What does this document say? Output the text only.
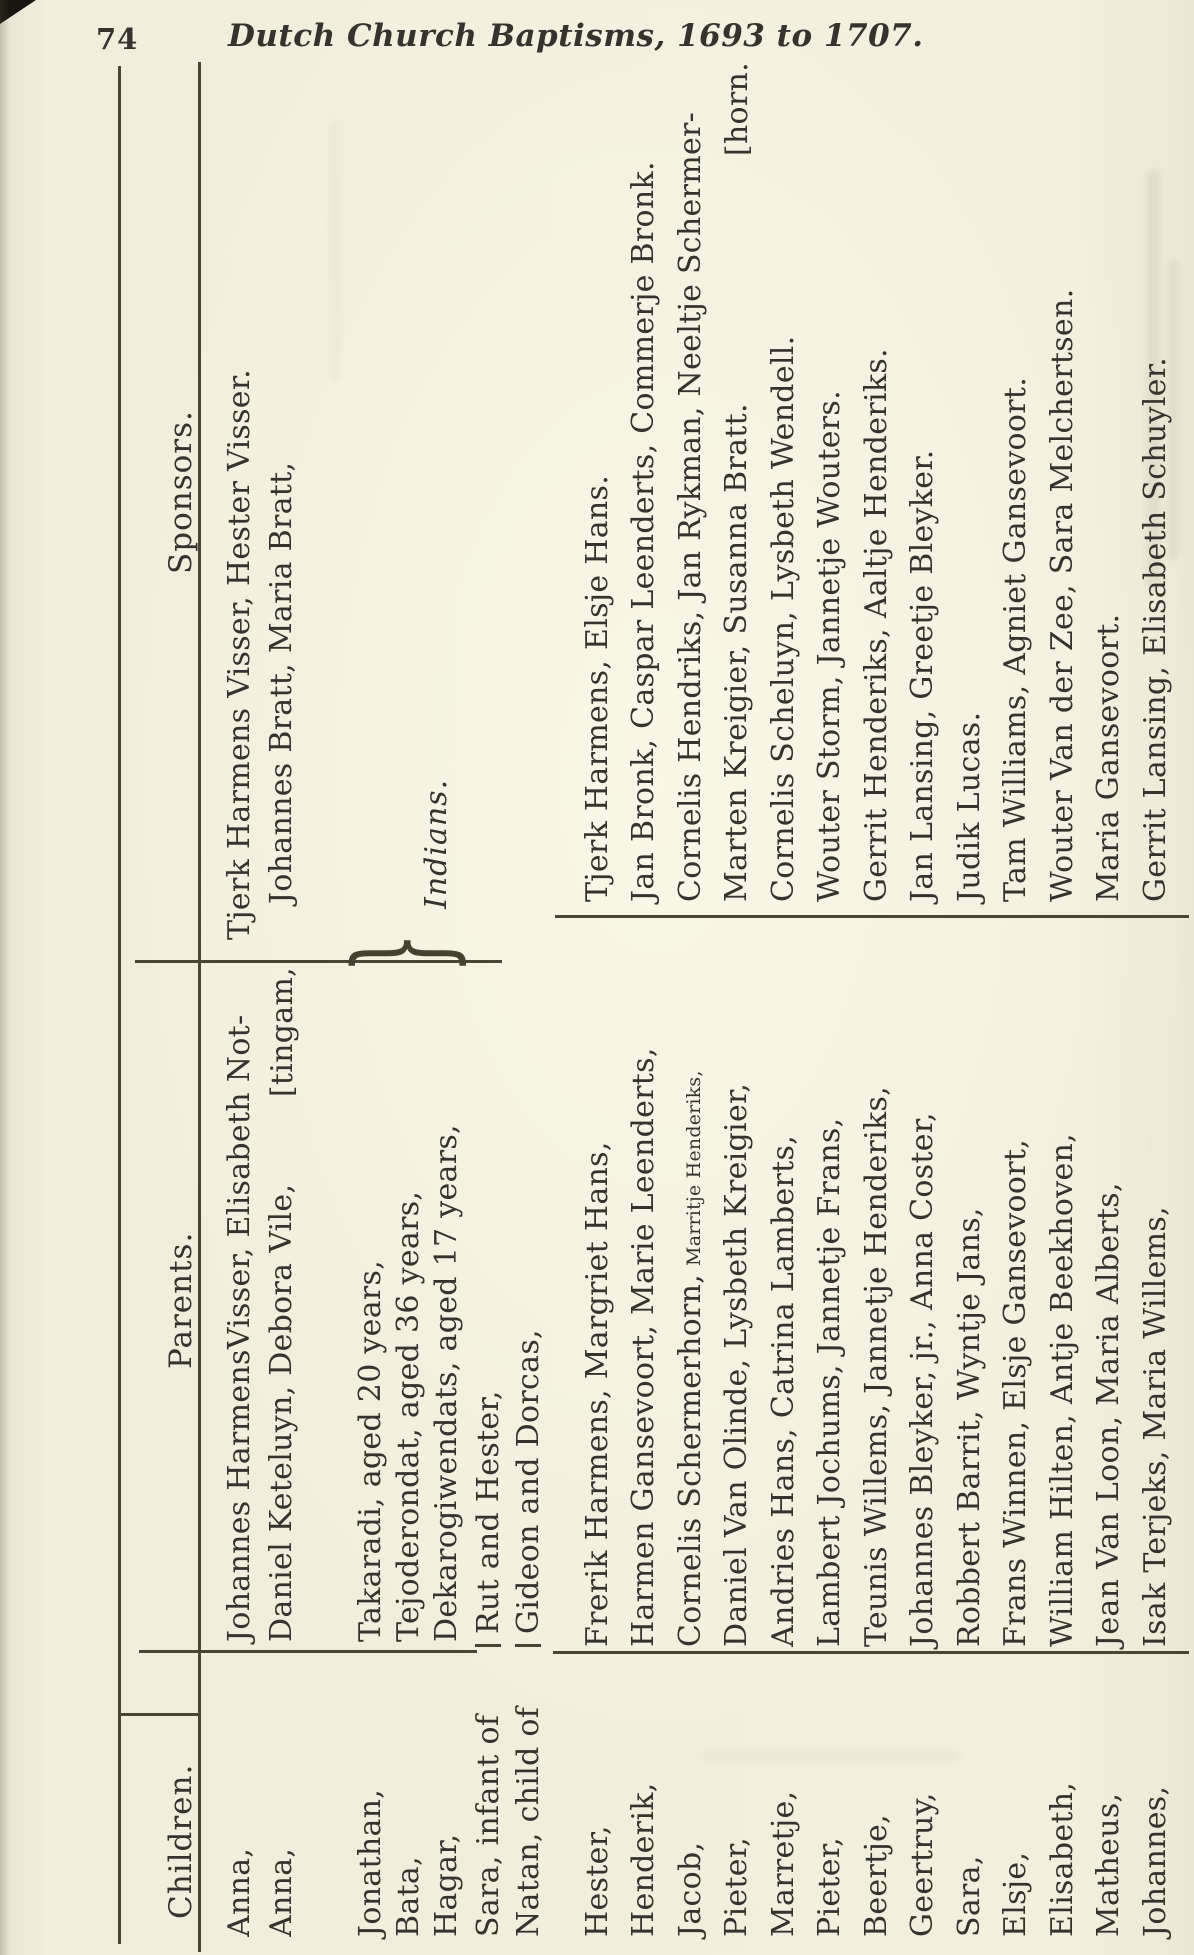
74	Dutch Church Baptisms, 1693 to 1707.
Children.
Parents.
Sponsors.
}
Indians.
Anna,
Johannes HarmensVisser, Elisabeth Not-
Tjerk Harmens Visser, Hester Visser.
Anna,
Daniel Keteluyn, Debora Vile,
[tingam,
Johannes Bratt, Maria Bratt,
Jonathan,
Takaradi, aged 20 years,
Bata,
Tejoderondat, aged 36 years,
Hagar,
Dekarogiwendats, aged 17 years,
Sara, infant of
Rut and Hester,
Natan, child of
Gideon and Dorcas,
Hester,
Frerik Harmens, Margriet Hans,
Tjerk Harmens, Elsje Hans.
Henderik,
Harmen Gansevoort, Marie Leenderts,
Jan Bronk, Caspar Leenderts, Commerje Bronk.
Jacob,
Cornelis Schermerhorn,Marritje Henderiks,
Cornelis Hendriks, Jan Rykman, Neeltje Schermer-
Pieter,
Daniel Van Olinde, Lysbeth Kreigier,
Marten Kreigier, Susanna Bratt.
[horn.
Marretje,
Andries Hans, Catrina Lamberts,
Cornelis Scheluyn, Lysbeth Wendell.
Pieter,
Lambert Jochums, Jannetje Frans,
Wouter Storm, Jannetje Wouters.
Beertje,
Teunis Willems, Jannetje Henderiks,
Gerrit Henderiks, Aaltje Henderiks.
Geertruy,
Johannes Bleyker, jr., Anna Coster,
Jan Lansing, Greetje Bleyker.
Sara,
Robbert Barrit, Wyntje Jans,
Judik Lucas.
Elsje,
Frans Winnen, Elsje Gansevoort,
Tam Williams, Agniet Gansevoort.
Elisabeth,
William Hilten, Antje Beekhoven,
Wouter Van der Zee, Sara Melchertsen.
Matheus,
Jean Van Loon, Maria Alberts,
Maria Gansevoort.
Johannes,
Isak Terjeks, Maria Willems,
Gerrit Lansing, Elisabeth Schuyler.
